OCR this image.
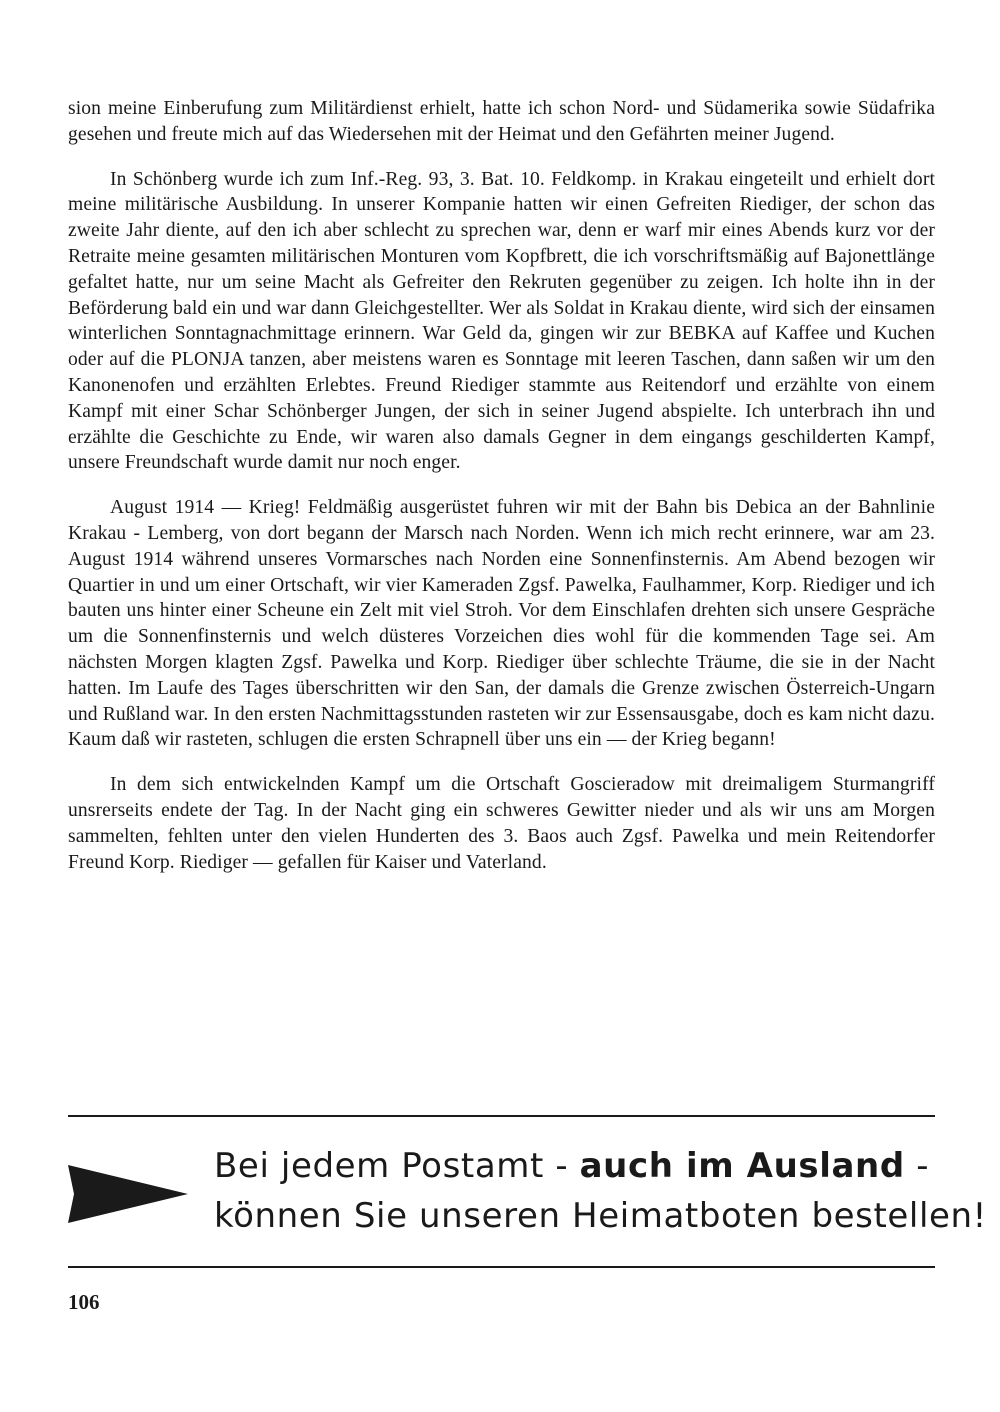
sion meine Einberufung zum Militärdienst erhielt, hatte ich schon Nord- und Südamerika sowie Südafrika gesehen und freute mich auf das Wiedersehen mit der Heimat und den Gefährten meiner Jugend.

In Schönberg wurde ich zum Inf.-Reg. 93, 3. Bat. 10. Feldkomp. in Krakau eingeteilt und erhielt dort meine militärische Ausbildung. In unserer Kompanie hatten wir einen Gefreiten Riediger, der schon das zweite Jahr diente, auf den ich aber schlecht zu sprechen war, denn er warf mir eines Abends kurz vor der Retraite meine gesamten militärischen Monturen vom Kopfbrett, die ich vorschriftsmäßig auf Bajonettlänge gefaltet hatte, nur um seine Macht als Gefreiter den Rekruten gegenüber zu zeigen. Ich holte ihn in der Beförderung bald ein und war dann Gleichgestellter. Wer als Soldat in Krakau diente, wird sich der einsamen winterlichen Sonntagnachmittage erinnern. War Geld da, gingen wir zur BEBKA auf Kaffee und Kuchen oder auf die PLONJA tanzen, aber meistens waren es Sonntage mit leeren Taschen, dann saßen wir um den Kanonenofen und erzählten Erlebtes. Freund Riediger stammte aus Reitendorf und erzählte von einem Kampf mit einer Schar Schönberger Jungen, der sich in seiner Jugend abspielte. Ich unterbrach ihn und erzählte die Geschichte zu Ende, wir waren also damals Gegner in dem eingangs geschilderten Kampf, unsere Freundschaft wurde damit nur noch enger.

August 1914 — Krieg! Feldmäßig ausgerüstet fuhren wir mit der Bahn bis Debica an der Bahnlinie Krakau - Lemberg, von dort begann der Marsch nach Norden. Wenn ich mich recht erinnere, war am 23. August 1914 während unseres Vormarsches nach Norden eine Sonnenfinsternis. Am Abend bezogen wir Quartier in und um einer Ortschaft, wir vier Kameraden Zgsf. Pawelka, Faulhammer, Korp. Riediger und ich bauten uns hinter einer Scheune ein Zelt mit viel Stroh. Vor dem Einschlafen drehten sich unsere Gespräche um die Sonnenfinsternis und welch düsteres Vorzeichen dies wohl für die kommenden Tage sei. Am nächsten Morgen klagten Zgsf. Pawelka und Korp. Riediger über schlechte Träume, die sie in der Nacht hatten. Im Laufe des Tages überschritten wir den San, der damals die Grenze zwischen Österreich-Ungarn und Rußland war. In den ersten Nachmittagsstunden rasteten wir zur Essensausgabe, doch es kam nicht dazu. Kaum daß wir rasteten, schlugen die ersten Schrapnell über uns ein — der Krieg begann!

In dem sich entwickelnden Kampf um die Ortschaft Goscieradow mit dreimaligem Sturmangriff unsrerseits endete der Tag. In der Nacht ging ein schweres Gewitter nieder und als wir uns am Morgen sammelten, fehlten unter den vielen Hunderten des 3. Baos auch Zgsf. Pawelka und mein Reitendorfer Freund Korp. Riediger — gefallen für Kaiser und Vaterland.

Bei jedem Postamt - auch im Ausland -
können Sie unseren Heimatboten bestellen!
106
